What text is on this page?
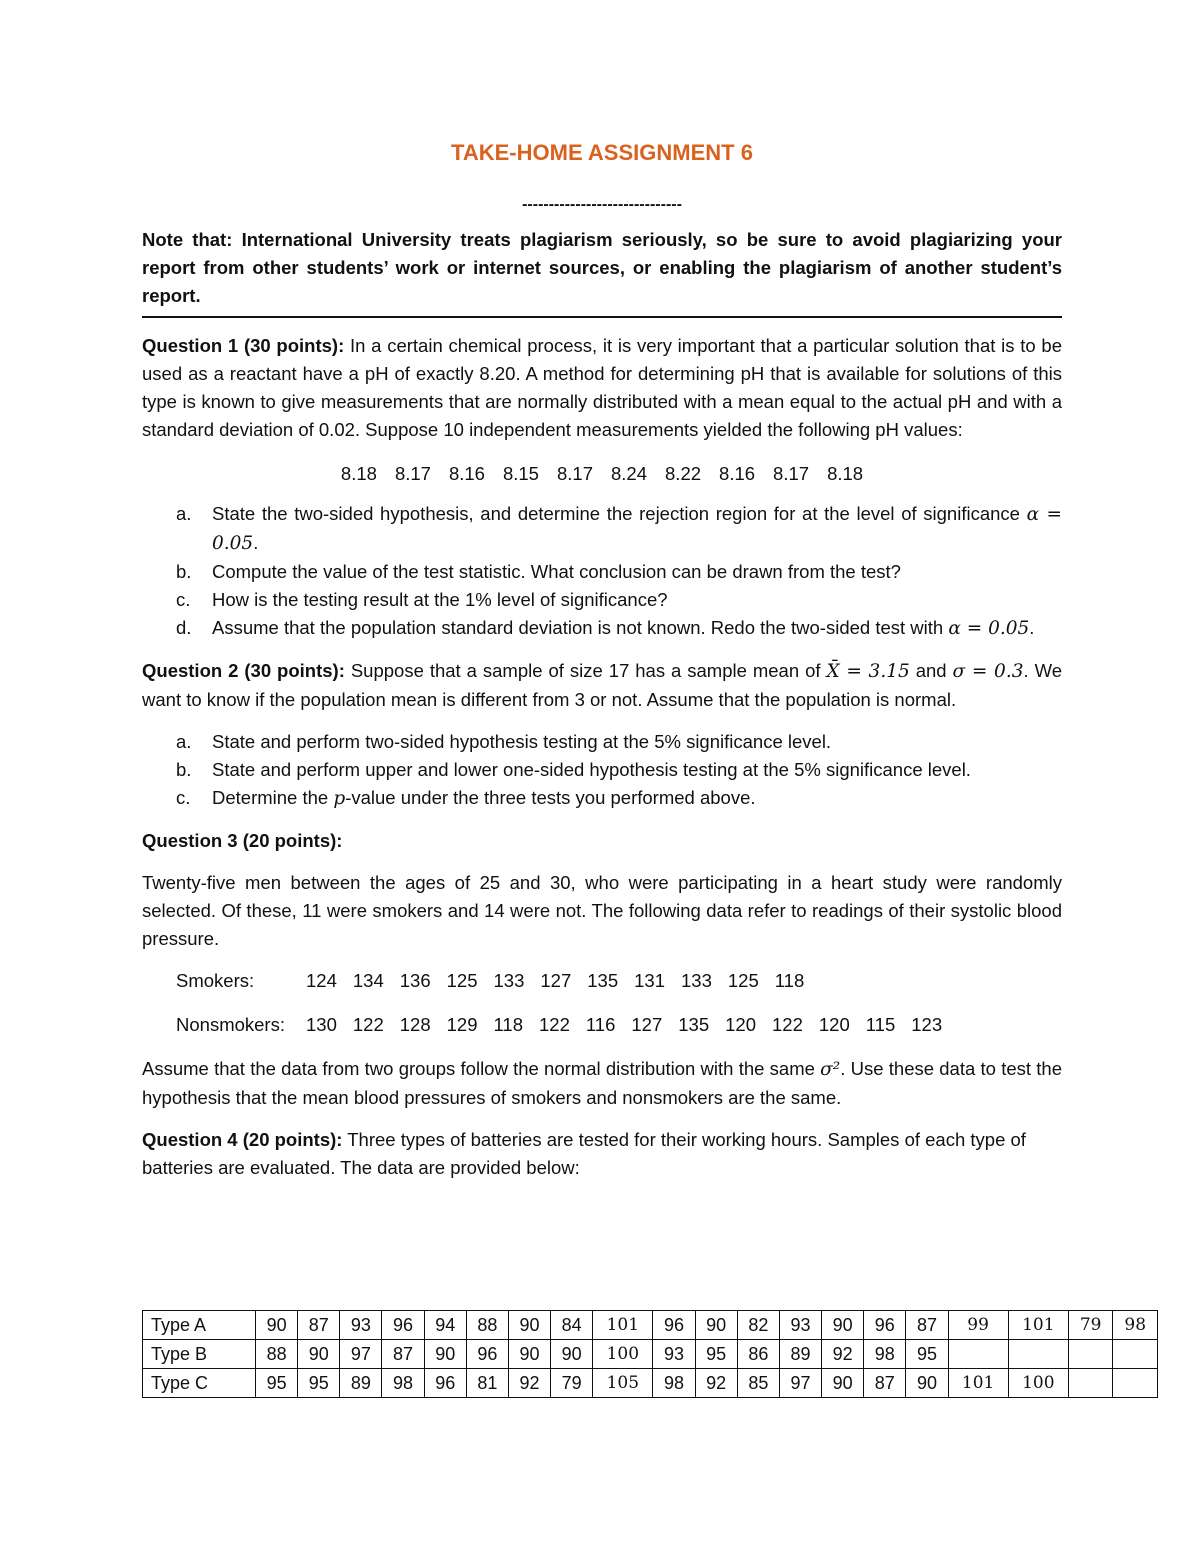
TAKE-HOME ASSIGNMENT 6
------------------------------

Note that: International University treats plagiarism seriously, so be sure to avoid plagiarizing your report from other students’ work or internet sources, or enabling the plagiarism of another student’s report.

Question 1 (30 points): In a certain chemical process, it is very important that a particular solution that is to be used as a reactant have a pH of exactly 8.20. A method for determining pH that is available for solutions of this type is known to give measurements that are normally distributed with a mean equal to the actual pH and with a standard deviation of 0.02. Suppose 10 independent measurements yielded the following pH values:

8.18 8.17 8.16 8.15 8.17 8.24 8.22 8.16 8.17 8.18
a. State the two-sided hypothesis, and determine the rejection region for at the level of significance α = 0.05.
b. Compute the value of the test statistic. What conclusion can be drawn from the test?
c. How is the testing result at the 1% level of significance?
d. Assume that the population standard deviation is not known. Redo the two-sided test with α = 0.05.

Question 2 (30 points): Suppose that a sample of size 17 has a sample mean of X̄ = 3.15 and σ = 0.3. We want to know if the population mean is different from 3 or not. Assume that the population is normal.

a. State and perform two-sided hypothesis testing at the 5% significance level.
b. State and perform upper and lower one-sided hypothesis testing at the 5% significance level.
c. Determine the p-value under the three tests you performed above.

Question 3 (20 points):

Twenty-five men between the ages of 25 and 30, who were participating in a heart study were randomly selected. Of these, 11 were smokers and 14 were not. The following data refer to readings of their systolic blood pressure.

Smokers:	124 134 136 125 133 127 135 131 133 125 118
Nonsmokers: 130 122 128 129 118 122 116 127 135 120 122 120 115 123

Assume that the data from two groups follow the normal distribution with the same σ². Use these data to test the hypothesis that the mean blood pressures of smokers and nonsmokers are the same.

Question 4 (20 points): Three types of batteries are tested for their working hours. Samples of each type of batteries are evaluated. The data are provided below:

Type A	90	87	93	96	94	88	90	84	101	96	90	82	93	90	96	87	99	101	79	98
Type B	88	90	97	87	90	96	90	90	100	93	95	86	89	92	98	95				
Type C	95	95	89	98	96	81	92	79	105	98	92	85	97	90	87	90	101	100		
